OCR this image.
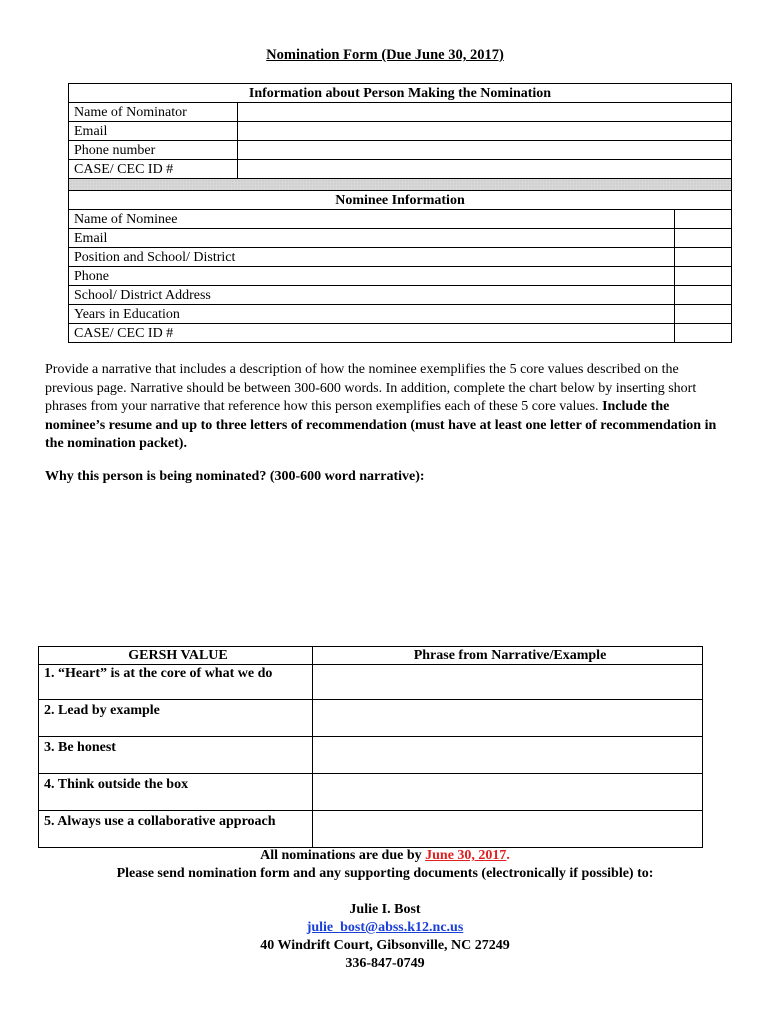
Nomination Form (Due June 30, 2017)
Information about Person Making the Nomination		
Name of Nominator		
Email		
Phone number		
CASE/ CEC ID #		

Nominee Information		
Name of Nominee		
Email		
Position and School/ District		
Phone		
School/ District Address		
Years in Education		
CASE/ CEC ID #		
Provide a narrative that includes a description of how the nominee exemplifies the 5 core values described on the previous page. Narrative should be between 300-600 words. In addition, complete the chart below by inserting short phrases from your narrative that reference how this person exemplifies each of these 5 core values. Include the nominee’s resume and up to three letters of recommendation (must have at least one letter of recommendation in the nomination packet).
Why this person is being nominated? (300-600 word narrative):
GERSH VALUE	Phrase from Narrative/Example
1. “Heart” is at the core of what we do	
2. Lead by example	
3. Be honest	
4. Think outside the box	
5. Always use a collaborative approach	
All nominations are due by June 30, 2017.
Please send nomination form and any supporting documents (electronically if possible) to:
Julie I. Bost
julie_bost@abss.k12.nc.us
40 Windrift Court, Gibsonville, NC 27249
336-847-0749
